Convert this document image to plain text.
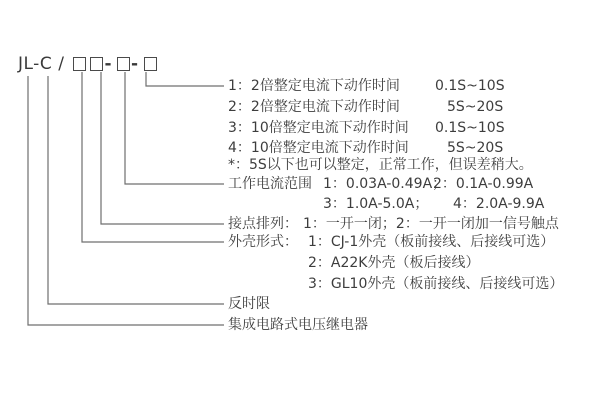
JL-C / - -
1：2倍整定电流下动作时间	0.1S~10S
2：2倍整定电流下动作时间	5S~20S
3：10倍整定电流下动作时间 0.1S~10S
4：10倍整定电流下动作时间	5S~20S
*：5S以下也可以整定，正常工作，但误差稍大。
工作电流范围 1：0.03A-0.49A；
2：0.1A-0.99A
3：1.0A-5.0A； 4：2.0A-9.9A
接点排列： 1：一开一闭；2：一开一闭加一信号触点
外壳形式： 1：CJ-1外壳（板前接线、后接线可选）
2：A22K外壳（板后接线）
3：GL10外壳（板前接线、后接线可选）
反时限
集成电路式电压继电器
